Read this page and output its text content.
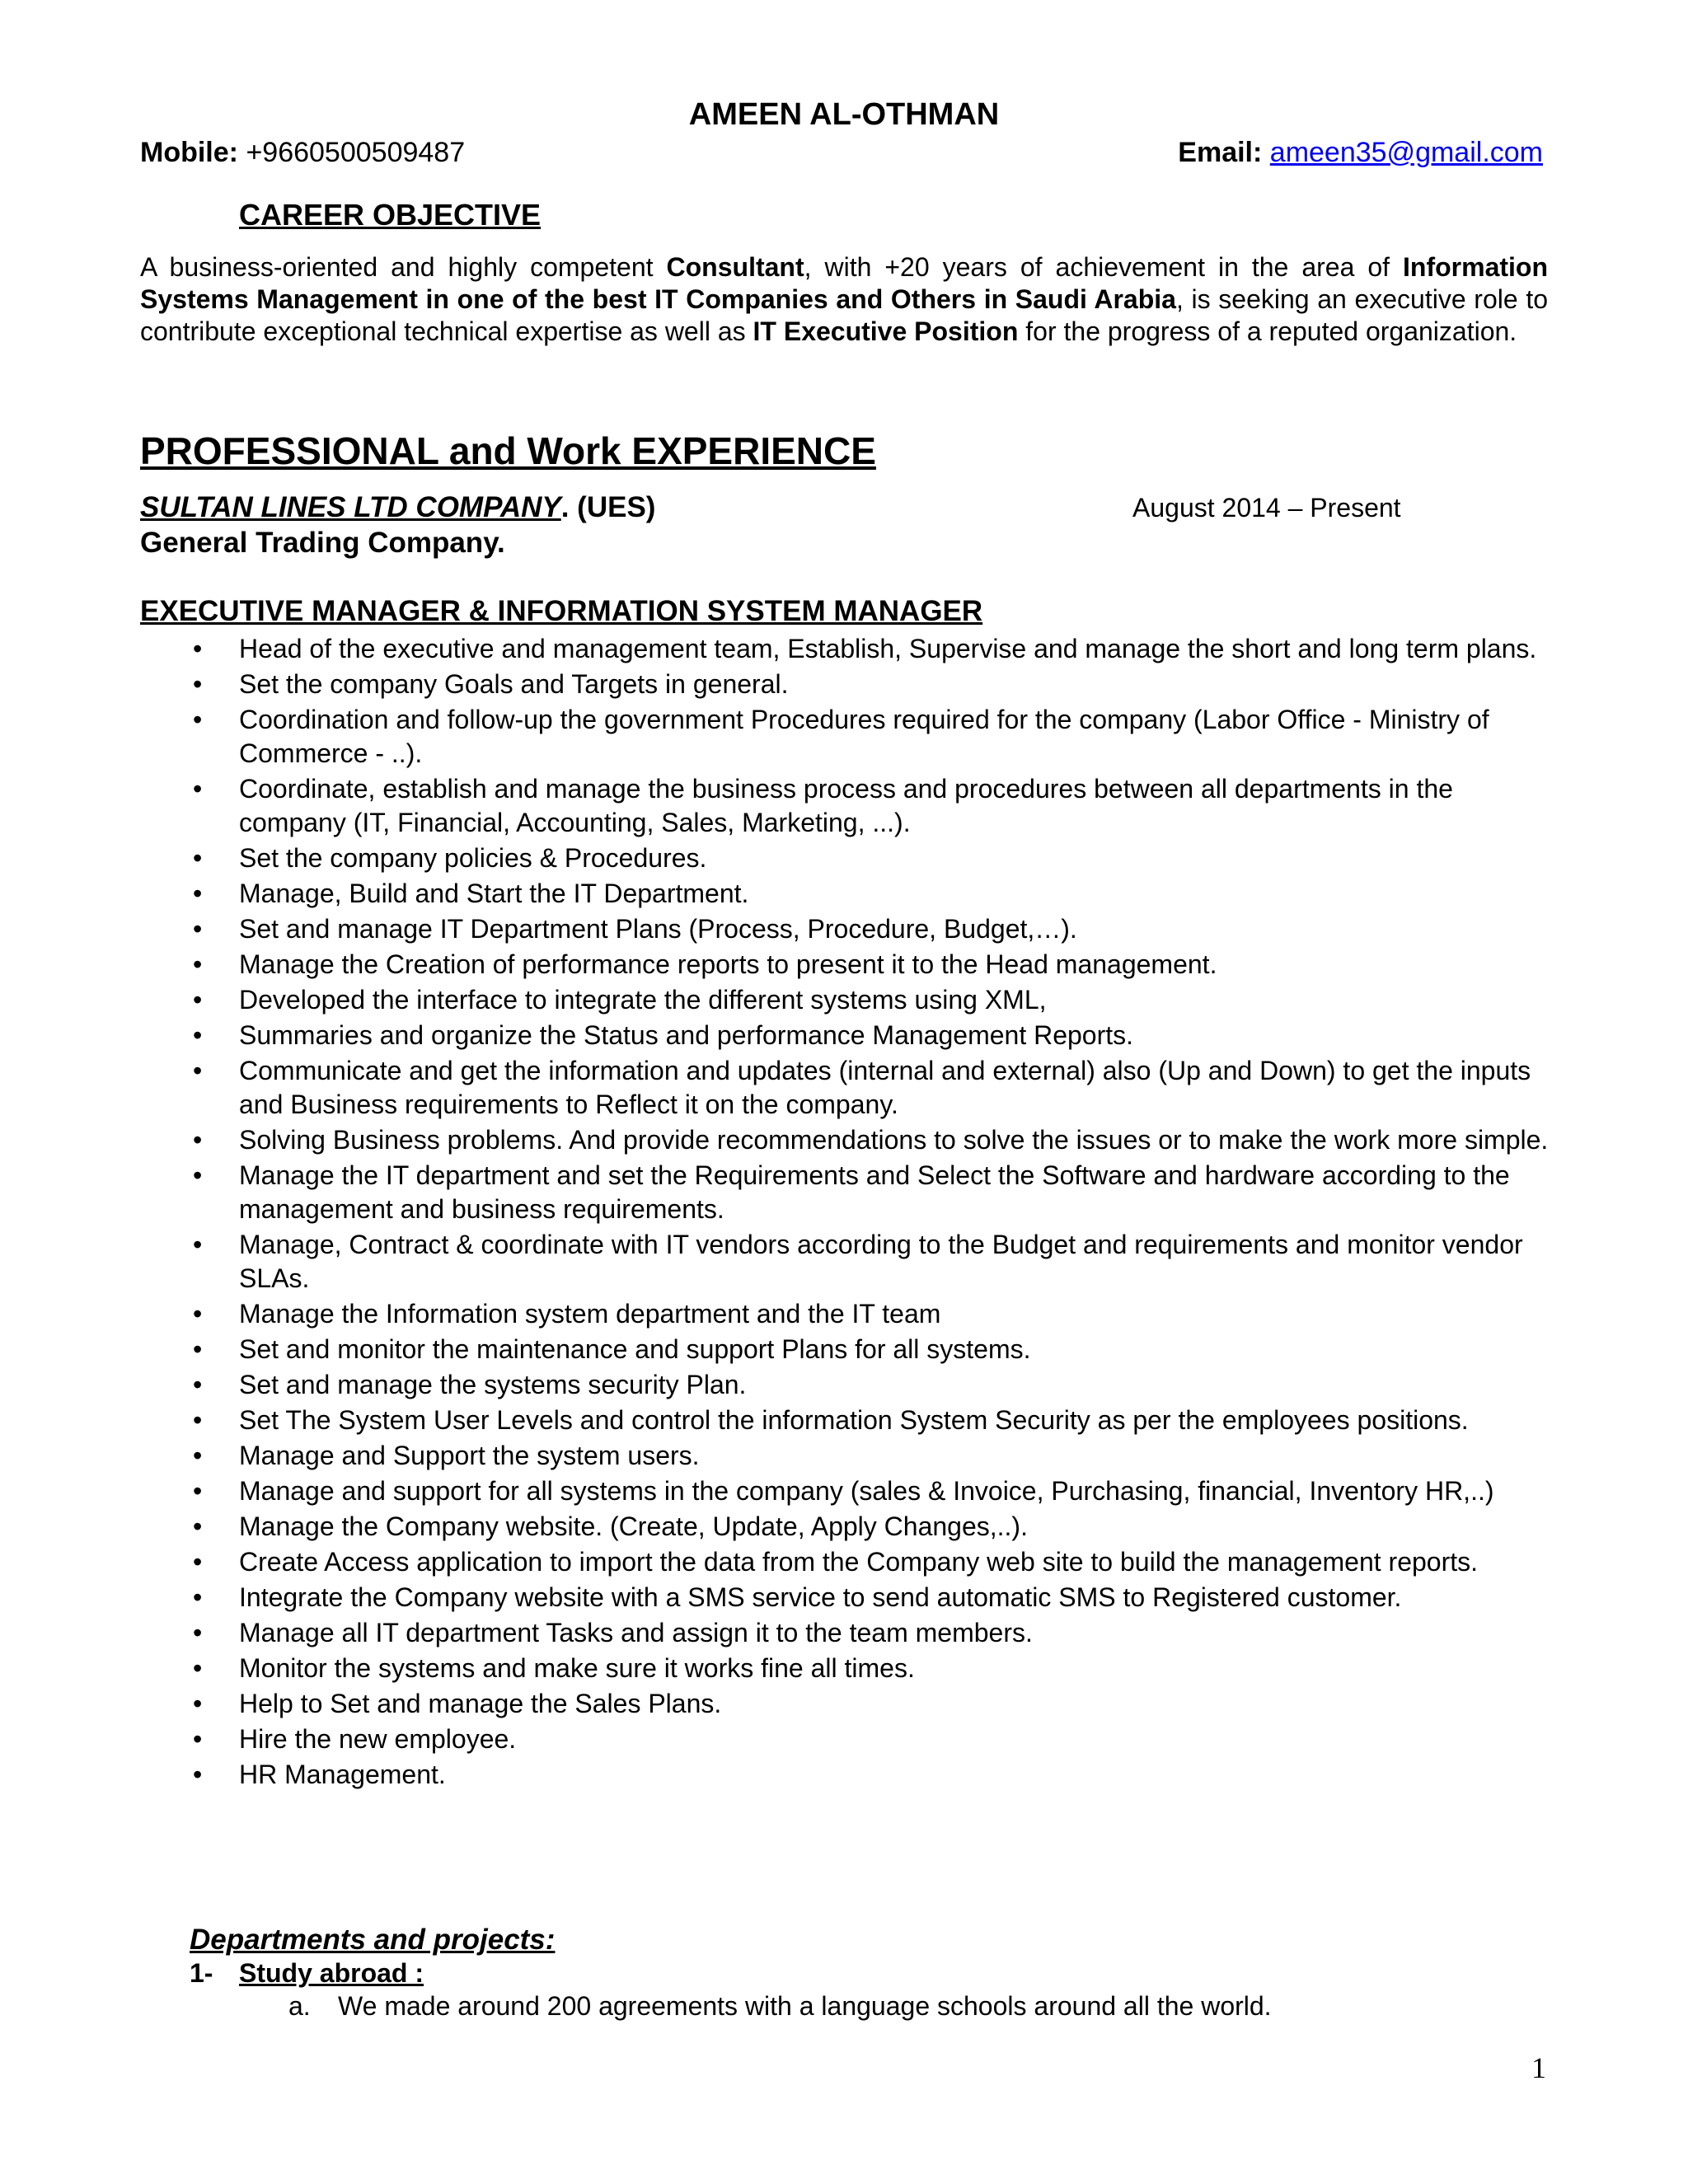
AMEEN AL-OTHMAN
Mobile: +9660500509487	Email: ameen35@gmail.com
CAREER OBJECTIVE

A business-oriented and highly competent Consultant, with +20 years of achievement in the area of Information Systems Management in one of the best IT Companies and Others in Saudi Arabia, is seeking an executive role to contribute exceptional technical expertise as well as IT Executive Position for the progress of a reputed organization.

PROFESSIONAL and Work EXPERIENCE
SULTAN LINES LTD COMPANY. (UES)	August 2014 – Present
General Trading Company.
EXECUTIVE MANAGER & INFORMATION SYSTEM MANAGER
• Head of the executive and management team, Establish, Supervise and manage the short and long term plans.
• Set the company Goals and Targets in general.
• Coordination and follow-up the government Procedures required for the company (Labor Office - Ministry of Commerce - ..).
• Coordinate, establish and manage the business process and procedures between all departments in the company (IT, Financial, Accounting, Sales, Marketing, ...).
• Set the company policies & Procedures.
• Manage, Build and Start the IT Department.
• Set and manage IT Department Plans (Process, Procedure, Budget,…).
• Manage the Creation of performance reports to present it to the Head management.
• Developed the interface to integrate the different systems using XML,
• Summaries and organize the Status and performance Management Reports.
• Communicate and get the information and updates (internal and external) also (Up and Down) to get the inputs and Business requirements to Reflect it on the company.
• Solving Business problems. And provide recommendations to solve the issues or to make the work more simple.
• Manage the IT department and set the Requirements and Select the Software and hardware according to the management and business requirements.
• Manage, Contract & coordinate with IT vendors according to the Budget and requirements and monitor vendor SLAs.
• Manage the Information system department and the IT team
• Set and monitor the maintenance and support Plans for all systems.
• Set and manage the systems security Plan.
• Set The System User Levels and control the information System Security as per the employees positions.
• Manage and Support the system users.
• Manage and support for all systems in the company (sales & Invoice, Purchasing, financial, Inventory HR,..)
• Manage the Company website. (Create, Update, Apply Changes,..).
• Create Access application to import the data from the Company web site to build the management reports.
• Integrate the Company website with a SMS service to send automatic SMS to Registered customer.
• Manage all IT department Tasks and assign it to the team members.
• Monitor the systems and make sure it works fine all times.
• Help to Set and manage the Sales Plans.
• Hire the new employee.
• HR Management.
Departments and projects:
1- Study abroad :
a. We made around 200 agreements with a language schools around all the world.
1
